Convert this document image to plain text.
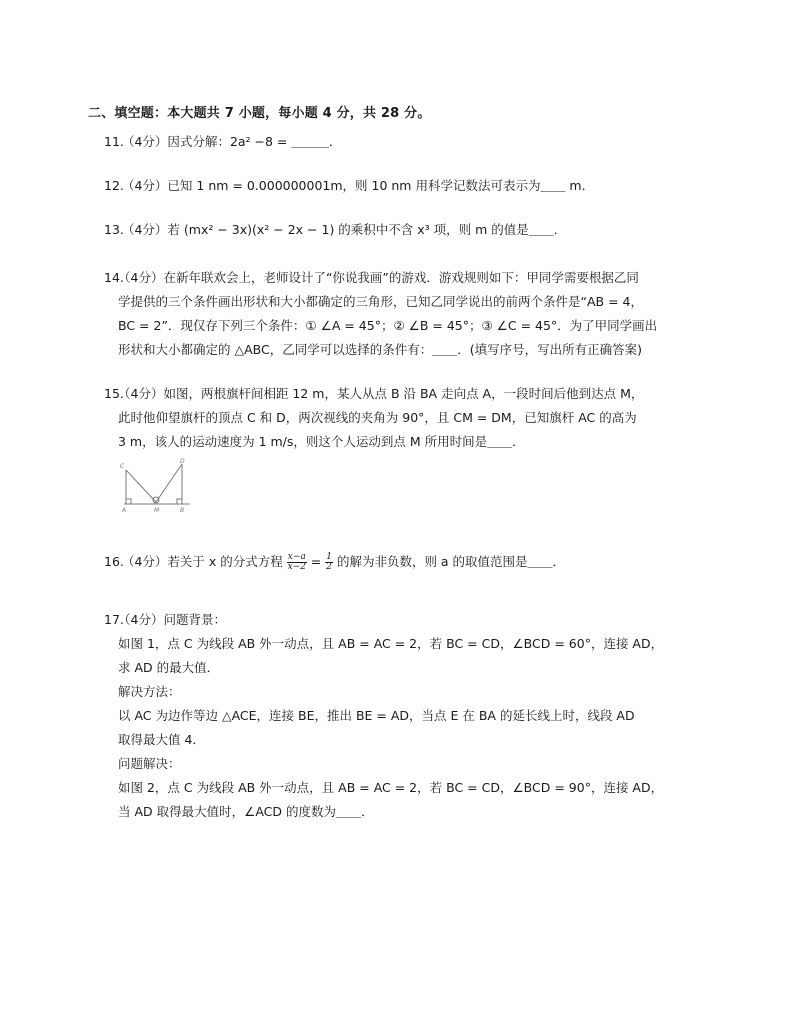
二、填空题：本大题共 7 小题，每小题 4 分，共 28 分。
11. （4分）因式分解：2a² −8 = ＿＿＿．
12. （4分）已知 1 nm = 0.000000001m，则 10 nm 用科学记数法可表示为＿＿ m．
13. （4分）若 (mx² − 3x)(x² − 2x − 1) 的乘积中不含 x³ 项，则 m 的值是＿＿．
14.（4分）在新年联欢会上，老师设计了“你说我画”的游戏．游戏规则如下：甲同学需要根据乙同
学提供的三个条件画出形状和大小都确定的三角形，已知乙同学说出的前两个条件是“AB = 4，
BC = 2”．现仅存下列三个条件：① ∠A = 45°；② ∠B = 45°；③ ∠C = 45°．为了甲同学画出
形状和大小都确定的 △ABC，乙同学可以选择的条件有：＿＿．(填写序号，写出所有正确答案)
15.（4分）如图，两根旗杆间相距 12 m，某人从点 B 沿 BA 走向点 A，一段时间后他到达点 M，
此时他仰望旗杆的顶点 C 和 D，两次视线的夹角为 90°，且 CM = DM，已知旗杆 AC 的高为
3 m，该人的运动速度为 1 m/s，则这个人运动到点 M 所用时间是＿＿．
C
D
A	M	B
16. （4分）若关于 x 的分式方程 $\frac{x-a}{x-2} = \frac{1}{2}$ 的解为非负数，则 a 的取值范围是＿＿．
17.（4分）问题背景：
如图 1，点 C 为线段 AB 外一动点，且 AB = AC = 2，若 BC = CD，∠BCD = 60°，连接 AD，
求 AD 的最大值．
解决方法：
以 AC 为边作等边 △ACE，连接 BE，推出 BE = AD，当点 E 在 BA 的延长线上时，线段 AD
取得最大值 4．
问题解决：
如图 2，点 C 为线段 AB 外一动点，且 AB = AC = 2，若 BC = CD，∠BCD = 90°，连接 AD，
当 AD 取得最大值时，∠ACD 的度数为＿＿．
